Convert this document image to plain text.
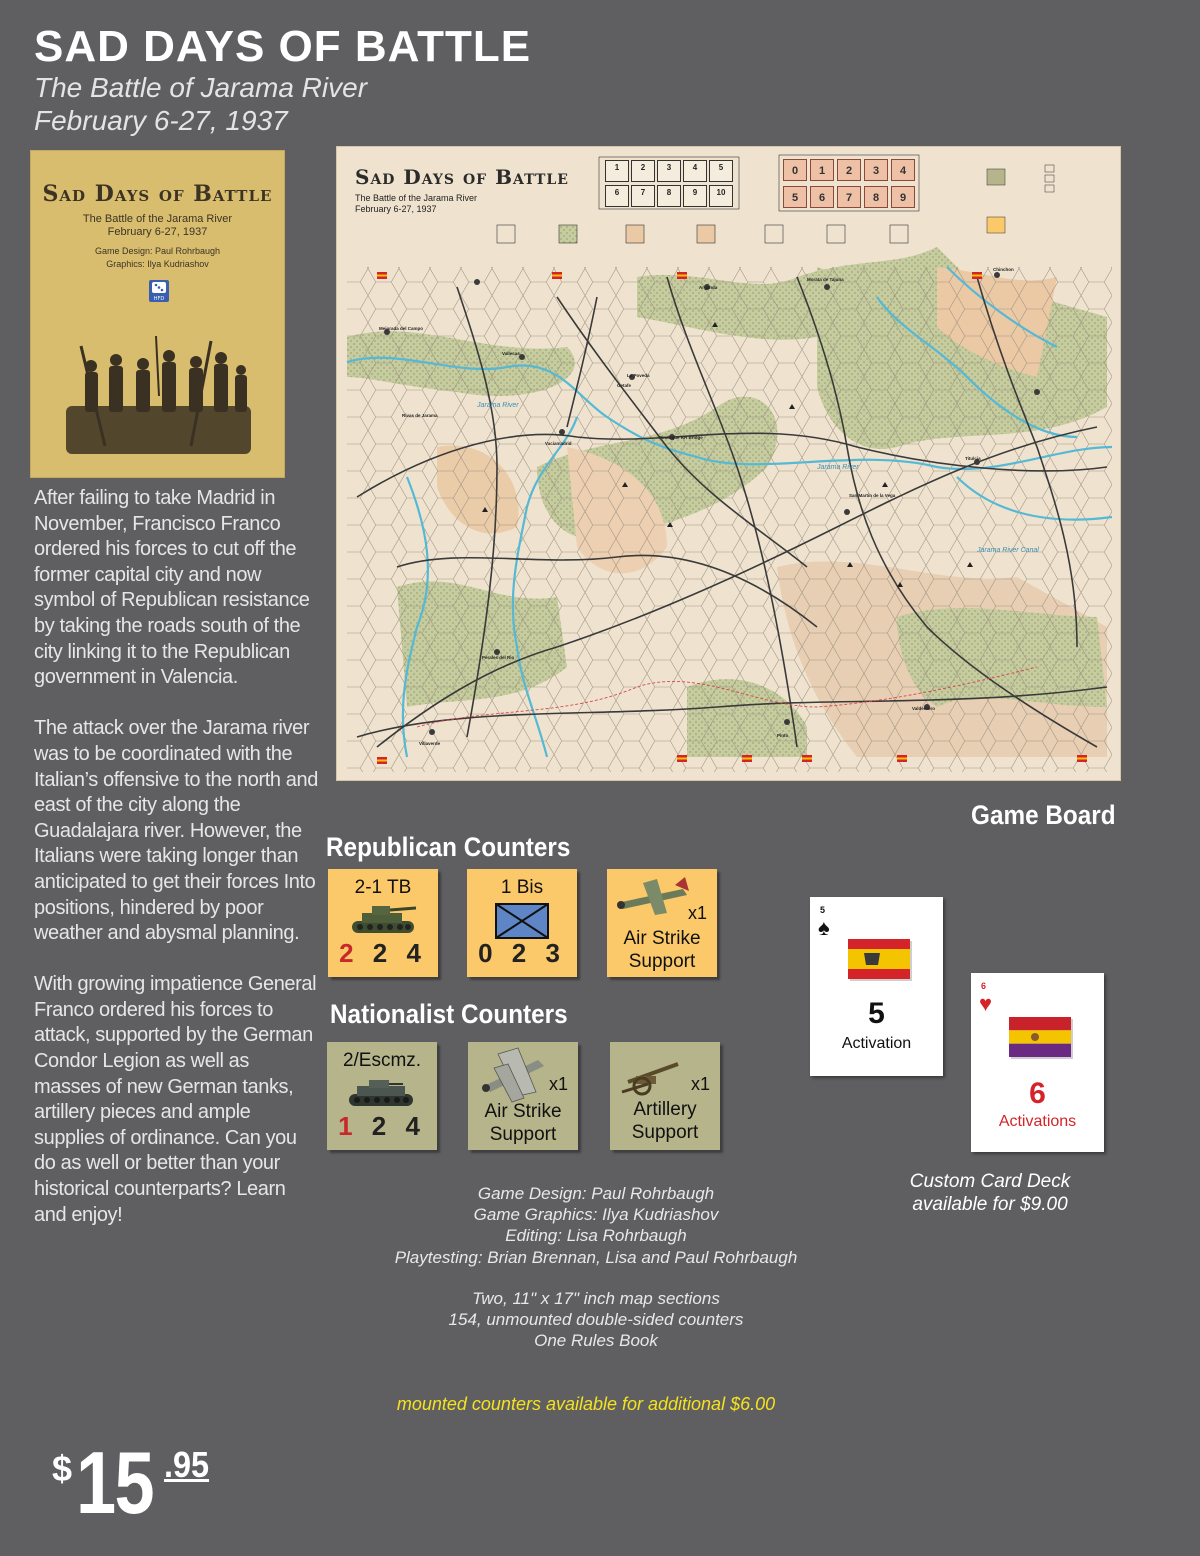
SAD DAYS OF BATTLE
The Battle of Jarama River
February 6-27, 1937
Sad Days of Battle
The Battle of the Jarama River
February 6-27, 1937
Game Design: Paul Rohrbaugh
Graphics: Ilya Kudriashov
HFD

After failing to take Madrid in November, Francisco Franco ordered his forces to cut off the former capital city and now symbol of Republican resistance by taking the roads south of the city linking it to the Republican government in Valencia.

The attack over the Jarama river was to be coordinated with the Italian’s offensive to the north and east of the city along the Guadalajara river. However, the Italians were taking longer than anticipated to get their forces Into positions, hindered by poor weather and abysmal planning.

With growing impatience General Franco ordered his forces to attack, supported by the German Condor Legion as well as masses of new German tanks, artillery pieces and ample supplies of ordinance. Can you do as well or better than your historical counterparts? Learn and enjoy!

Jarama River
Jarama River
Jarama River Canal
Chinchon
Arganda
Morata de Tajuna
Vaciamadrid
Pindoque RR Bridge
San Martin de la Vega
Titulcia
Valdemoro
Pinto
Villaverde
Perales del Rio
Getafe
La Poveda
Rivas de Jarama
Mejorada del Campo
Vallecas
Sad Days of Battle
The Battle of the Jarama River
February 6-27, 1937
1	2	3	4	5
6	7	8	9	10
0	1	2	3	4
5	6	7	8	9
Game Board
Republican Counters
2-1 TB
2 2 4
1 Bis
0 2 3
x1
Air Strike
Support
Nationalist Counters
2/Escmz.
1 2 4
x1
Air Strike
Support
x1
Artillery
Support
5
♠
5
Activation
6
♥
6
Activations
Custom Card Deck
available for $9.00
Game Design: Paul Rohrbaugh
Game Graphics: Ilya Kudriashov
Editing: Lisa Rohrbaugh
Playtesting: Brian Brennan, Lisa and Paul Rohrbaugh
Two, 11" x 17" inch map sections
154, unmounted double-sided counters
One Rules Book
mounted counters available for additional $6.00
$ 15 .95
